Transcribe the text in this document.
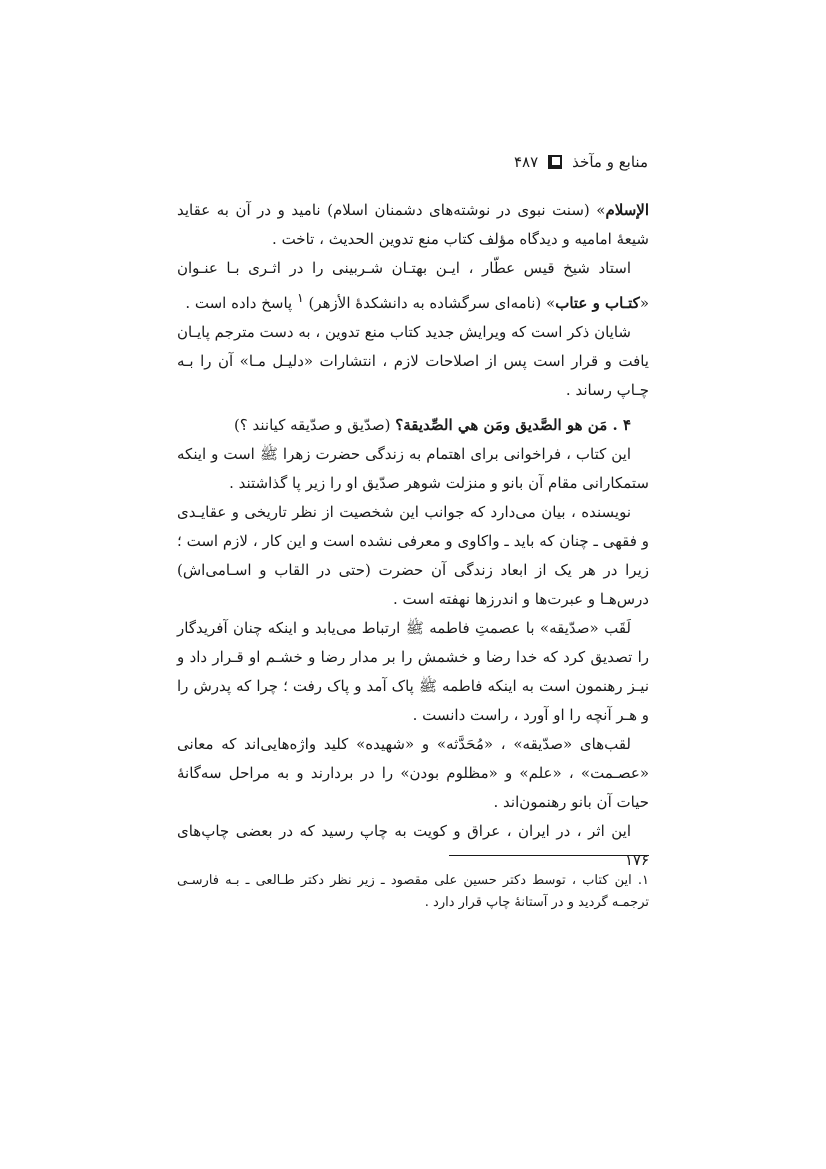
منابع و مآخذ
۴۸۷

الإسلام» (سنت نبوی در نوشته‌های دشمنان اسلام) نامید و در آن به عقاید شیعهٔ امامیه و دیدگاه مؤلف کتاب منع تدوین الحدیث ، تاخت .

استاد شیخ قیس عطّار ، ایـن بهتـان شـربینی را در اثـری بـا عنـوان «کتـاب و عتاب» (نامه‌ای سرگشاده به دانشکدهٔ الأزهر) $^۱$ پاسخ داده است .

شایان ذکر است که ویرایش جدید کتاب منع تدوین ، به دست مترجم پایـان یافت و قرار است پس از اصلاحات لازم ، انتشارات «دلیـل مـا» آن را بـه چـاپ رساند .

۴ . مَن هو الصَّدیق ومَن هي الصِّدیقة؟ (صدّیق و صدّیقه کیانند ؟)

این کتاب ، فراخوانی برای اهتمام به زندگی حضرت زهرا ﷺ است و اینکه ستمکارانی مقام آن بانو و منزلت شوهر صدّیق او را زیر پا گذاشتند .

نویسنده ، بیان می‌دارد که جوانب این شخصیت از نظر تاریخی و عقایـدی و فقهی ـ چنان که باید ـ واکاوی و معرفی نشده است و این کار ، لازم است ؛ زیرا در هر یک از ابعاد زندگی آن حضرت (حتی در القاب و اسـامی‌اش) درس‌هـا و عبرت‌ها و اندرزها نهفته است .

لَقَب «صدّیقه» با عصمتِ فاطمه ﷺ ارتباط می‌یابد و اینکه چنان آفریدگار را تصدیق کرد که خدا رضا و خشمش را بر مدار رضا و خشـم او قـرار داد و نیـز رهنمون است به اینکه فاطمه ﷺ پاک آمد و پاک رفت ؛ چرا که پدرش را و هـر آنچه را او آورد ، راست دانست .

لقب‌های «صدّیقه» ، «مُحَدَّثه» و «شهیده» کلید واژه‌هایی‌اند که معانی «عصـمت» ، «علم» و «مظلوم بودن» را در بردارند و به مراحل سه‌گانهٔ حیات آن بانو رهنمون‌اند .

این اثر ، در ایران ، عراق و کویت به چاپ رسید که در بعضی چاپ‌های ۱۷۶

۱. این کتاب ، توسط دکتر حسین علی مقصود ـ زیر نظر دکتر طـالعی ـ بـه فارسـی ترجمـه گردید و در آستانهٔ چاپ قرار دارد .
